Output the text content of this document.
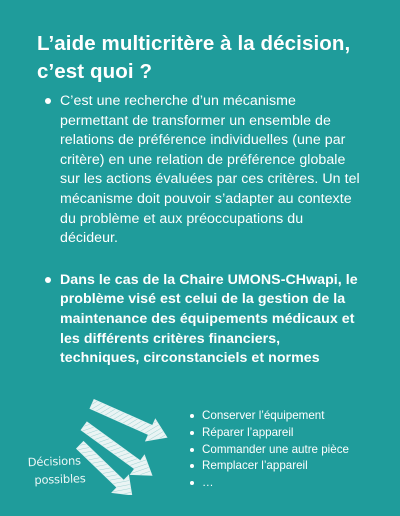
L’aide multicritère à la décision,
c’est quoi ?
C’est une recherche d’un mécanisme permettant de transformer un ensemble de relations de préférence individuelles (une par critère) en une relation de préférence globale sur les actions évaluées par ces critères. Un tel mécanisme doit pouvoir s’adapter au contexte du problème et aux préoccupations du décideur.
Dans le cas de la Chaire UMONS-CHwapi, le problème visé est celui de la gestion de la maintenance des équipements médicaux et les différents critères financiers, techniques, circonstanciels et normes
Décisions
possibles
Conserver l’équipement
Réparer l’appareil
Commander une autre pièce
Remplacer l’appareil
…
